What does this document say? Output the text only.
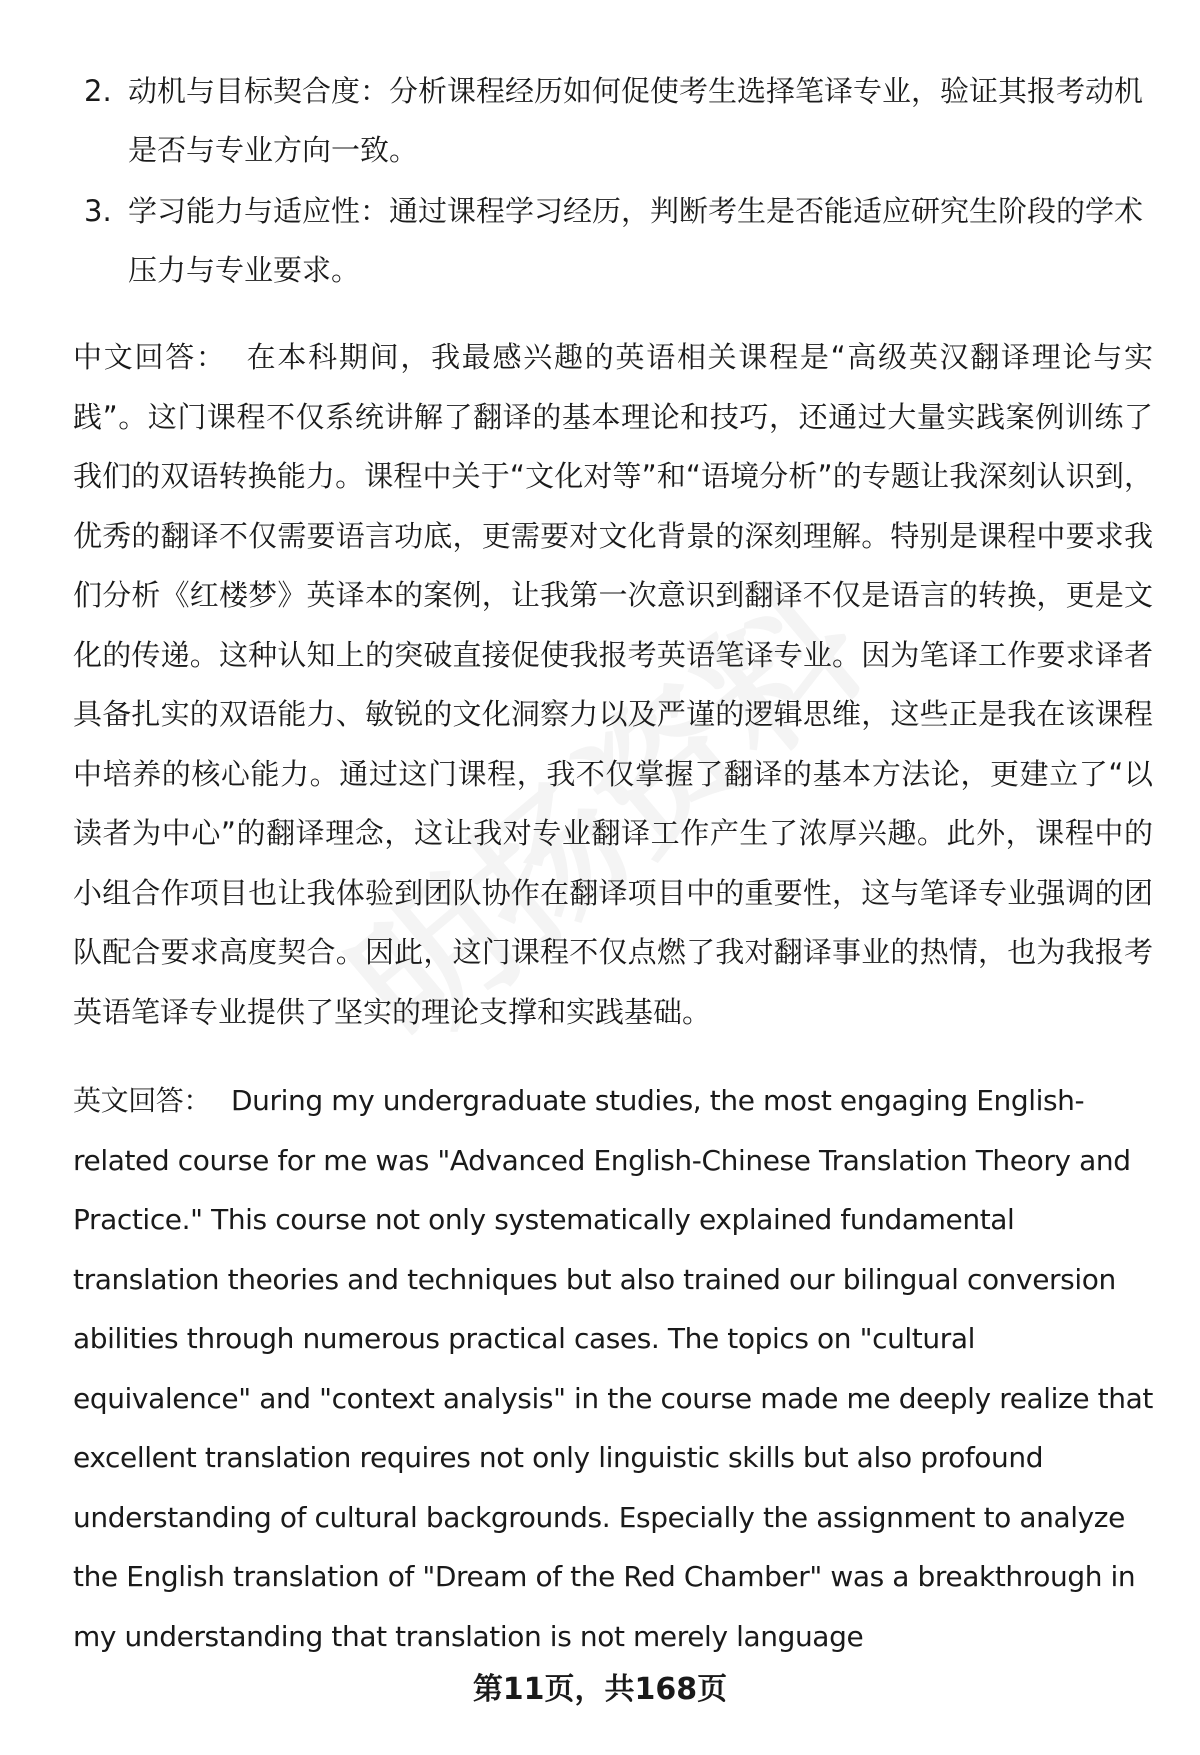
2. 动机与目标契合度：分析课程经历如何促使考生选择笔译专业，验证其报考动机是否与专业方向一致。
3. 学习能力与适应性：通过课程学习经历，判断考生是否能适应研究生阶段的学术压力与专业要求。

中文回答： 在本科期间，我最感兴趣的英语相关课程是“高级英汉翻译理论与实践”。这门课程不仅系统讲解了翻译的基本理论和技巧，还通过大量实践案例训练了我们的双语转换能力。课程中关于“文化对等”和“语境分析”的专题让我深刻认识到，优秀的翻译不仅需要语言功底，更需要对文化背景的深刻理解。特别是课程中要求我们分析《红楼梦》英译本的案例，让我第一次意识到翻译不仅是语言的转换，更是文化的传递。这种认知上的突破直接促使我报考英语笔译专业。因为笔译工作要求译者具备扎实的双语能力、敏锐的文化洞察力以及严谨的逻辑思维，这些正是我在该课程中培养的核心能力。通过这门课程，我不仅掌握了翻译的基本方法论，更建立了“以读者为中心”的翻译理念，这让我对专业翻译工作产生了浓厚兴趣。此外，课程中的小组合作项目也让我体验到团队协作在翻译项目中的重要性，这与笔译专业强调的团队配合要求高度契合。因此，这门课程不仅点燃了我对翻译事业的热情，也为我报考英语笔译专业提供了坚实的理论支撑和实践基础。

英文回答： During my undergraduate studies, the most engaging English-related course for me was "Advanced English-Chinese Translation Theory and Practice." This course not only systematically explained fundamental translation theories and techniques but also trained our bilingual conversion abilities through numerous practical cases. The topics on "cultural equivalence" and "context analysis" in the course made me deeply realize that excellent translation requires not only linguistic skills but also profound understanding of cultural backgrounds. Especially the assignment to analyze the English translation of "Dream of the Red Chamber" was a breakthrough in my understanding that translation is not merely language

第11页，共168页
